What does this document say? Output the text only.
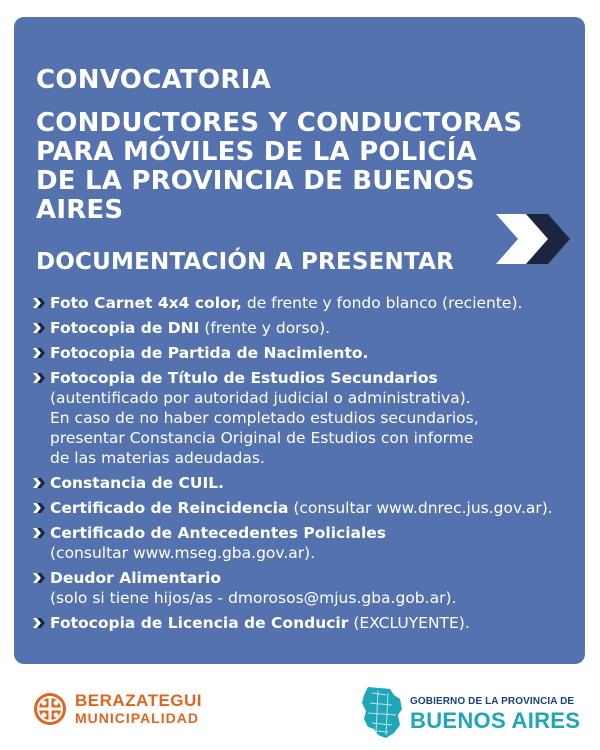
CONVOCATORIA
CONDUCTORES Y CONDUCTORAS
PARA MÓVILES DE LA POLICÍA
DE LA PROVINCIA DE BUENOS AIRES
DOCUMENTACIÓN A PRESENTAR
Foto Carnet 4x4 color, de frente y fondo blanco (reciente).
Fotocopia de DNI (frente y dorso).
Fotocopia de Partida de Nacimiento.
Fotocopia de Título de Estudios Secundarios
(autentificado por autoridad judicial o administrativa).
En caso de no haber completado estudios secundarios,
presentar Constancia Original de Estudios con informe
de las materias adeudadas.
Constancia de CUIL.
Certificado de Reincidencia (consultar www.dnrec.jus.gov.ar).
Certificado de Antecedentes Policiales
(consultar www.mseg.gba.gov.ar).
Deudor Alimentario
(solo si tiene hijos/as - dmorosos@mjus.gba.gob.ar).
Fotocopia de Licencia de Conducir (EXCLUYENTE).
BERAZATEGUI
MUNICIPALIDAD
GOBIERNO DE LA PROVINCIA DE
BUENOS AIRES
